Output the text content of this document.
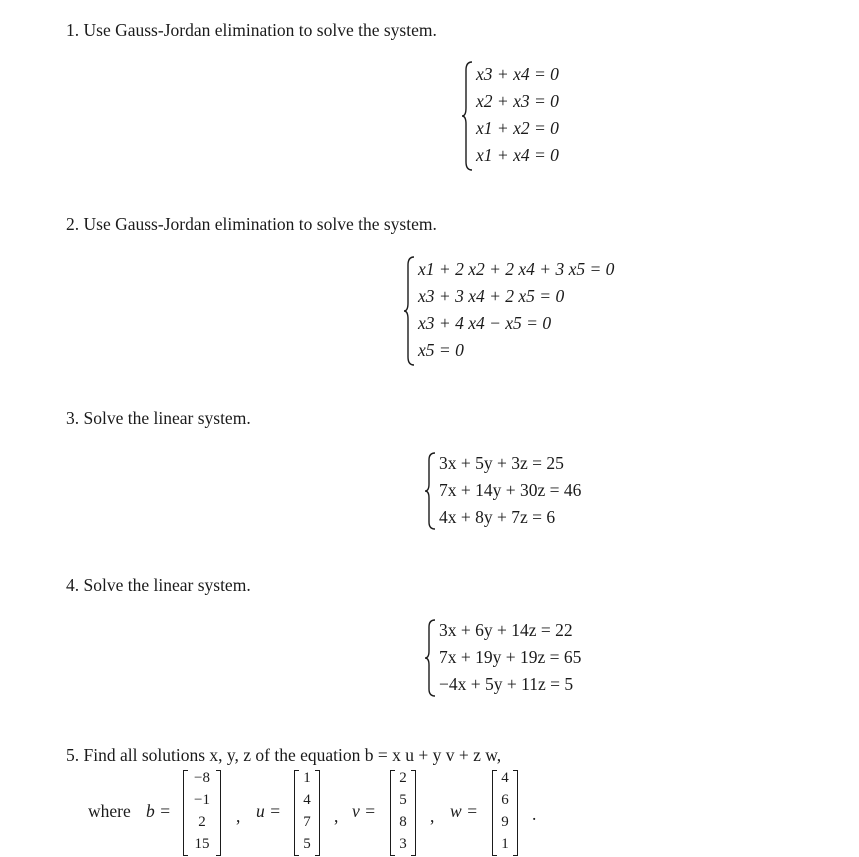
1. Use Gauss-Jordan elimination to solve the system.
x3 + x4 = 0
x2 + x3 = 0
x1 + x2 = 0
x1 + x4 = 0
2. Use Gauss-Jordan elimination to solve the system.
x1 + 2 x2 + 2 x4 + 3 x5 = 0
x3 + 3 x4 + 2 x5 = 0
x3 + 4 x4 − x5 = 0
x5 = 0
3. Solve the linear system.
3x + 5y + 3z = 25
7x + 14y + 30z = 46
4x + 8y + 7z = 6
4. Solve the linear system.
3x + 6y + 14z = 22
7x + 19y + 19z = 65
−4x + 5y + 11z = 5
5. Find all solutions x, y, z of the equation b = x u + y v + z w,
where b =
−8
−1
2
15
, u =
1
4
7
5
, v =
2
5
8
3
, w =
4
6
9
1
.
